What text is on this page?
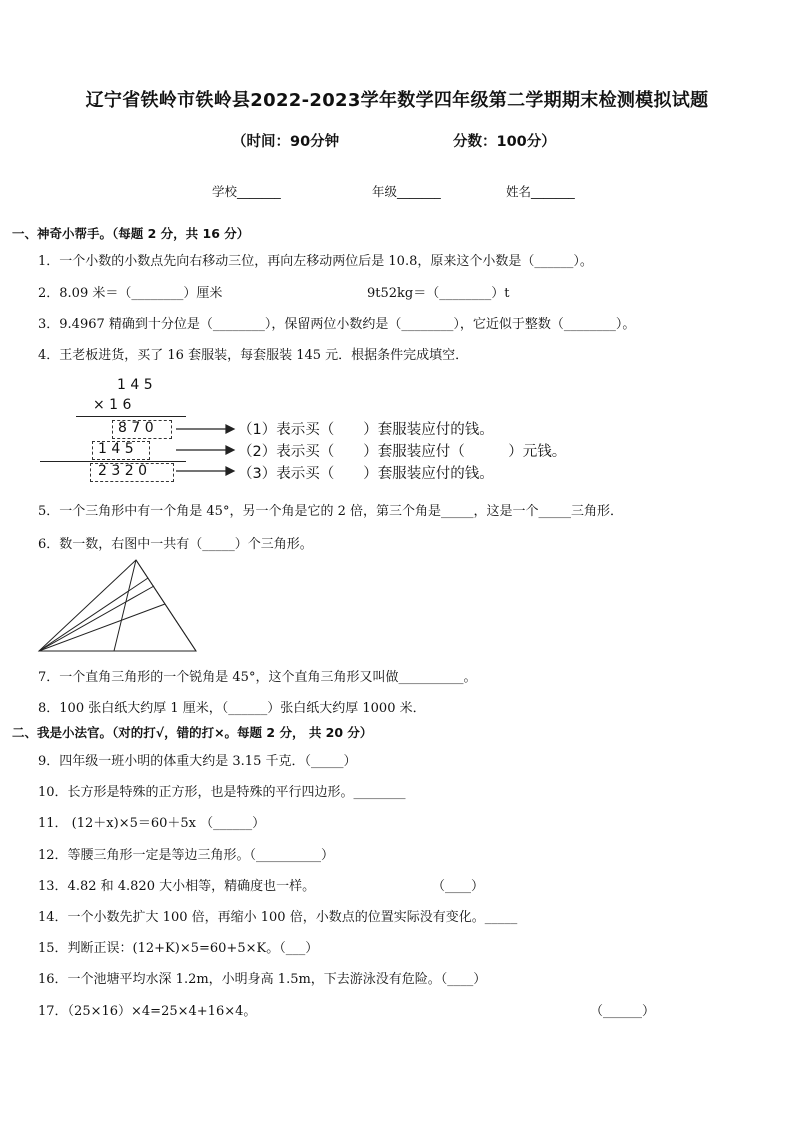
辽宁省铁岭市铁岭县2022-2023学年数学四年级第二学期期末检测模拟试题
（时间：90分钟	分数：100分）
学校_______	年级_______	姓名_______
一、神奇小帮手。（每题 2 分，共 16 分）
1．一个小数的小数点先向右移动三位，再向左移动两位后是 10.8，原来这个小数是（______）。
2．8.09 米＝（________）厘米	9t52kg＝（________）t
3．9.4967 精确到十分位是（________），保留两位小数约是（________），它近似于整数（________）。
4．王老板进货，买了 16 套服装，每套服装 145 元．根据条件完成填空．
1 4 5
× 1 6
8 7 0
1 4 5
2 3 2 0
（1）表示买（　　）套服装应付的钱。
（2）表示买（　　）套服装应付（　　　）元钱。
（3）表示买（　　）套服装应付的钱。
5．一个三角形中有一个角是 45°，另一个角是它的 2 倍，第三个角是_____，这是一个_____三角形．
6．数一数，右图中一共有（_____）个三角形。
7．一个直角三角形的一个锐角是 45°，这个直角三角形又叫做__________。
8．100 张白纸大约厚 1 厘米，（______）张白纸大约厚 1000 米．
二、我是小法官。（对的打√，错的打×。每题 2 分， 共 20 分）
9．四年级一班小明的体重大约是 3.15 千克．（_____）
10．长方形是特殊的正方形，也是特殊的平行四边形。________
11． (12＋x)×5＝60＋5x （______）
12．等腰三角形一定是等边三角形。（__________）
13．4.82 和 4.820 大小相等，精确度也一样。	（____）
14．一个小数先扩大 100 倍，再缩小 100 倍，小数点的位置实际没有变化。_____
15．判断正误：(12+K)×5=60+5×K。（___）
16．一个池塘平均水深 1.2m，小明身高 1.5m，下去游泳没有危险。（____）
17．（25×16）×4=25×4+16×4。	（______）
